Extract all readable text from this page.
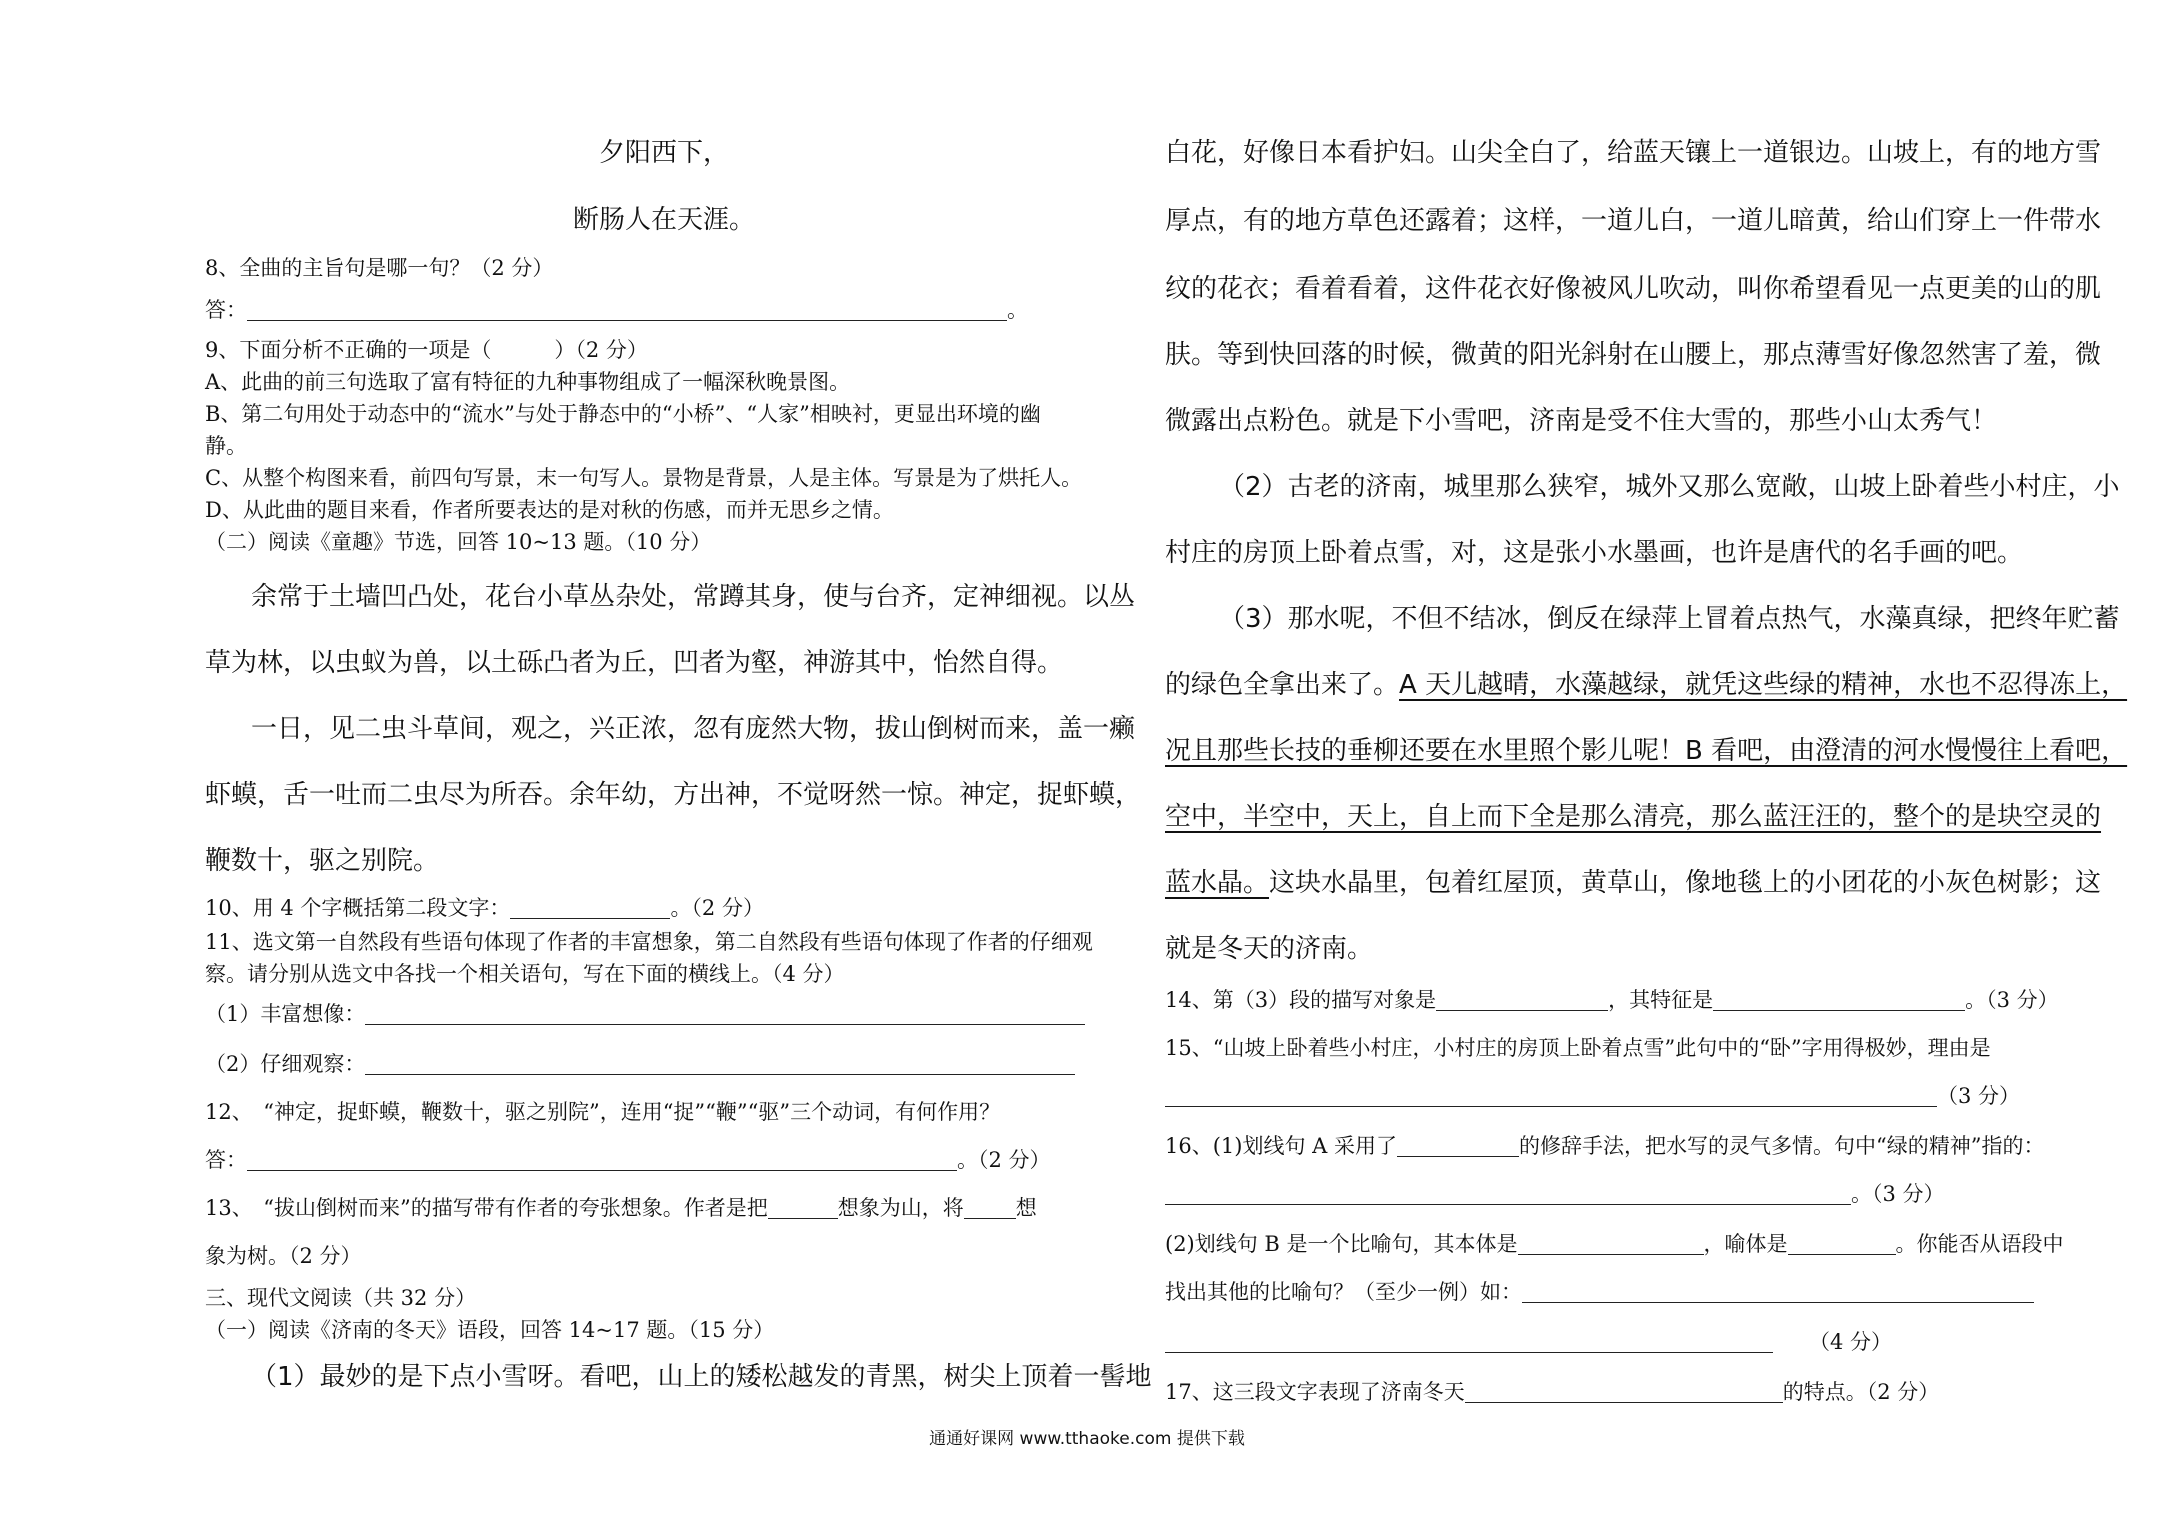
夕阳西下，
断肠人在天涯。
8、全曲的主旨句是哪一句？（2 分）
答：	。
9、下面分析不正确的一项是（　　　）（2 分）
A、此曲的前三句选取了富有特征的九种事物组成了一幅深秋晚景图。
B、第二句用处于动态中的“流水”与处于静态中的“小桥”、“人家”相映衬，更显出环境的幽
静。
C、从整个构图来看，前四句写景，末一句写人。景物是背景，人是主体。写景是为了烘托人。
D、从此曲的题目来看，作者所要表达的是对秋的伤感，而并无思乡之情。
（二）阅读《童趣》节选，回答 10~13 题。（10 分）
余常于土墙凹凸处，花台小草丛杂处，常蹲其身，使与台齐，定神细视。以丛
草为林，以虫蚁为兽，以土砾凸者为丘，凹者为壑，神游其中，怡然自得。
一日，见二虫斗草间，观之，兴正浓，忽有庞然大物，拔山倒树而来，盖一癞
虾蟆，舌一吐而二虫尽为所吞。余年幼，方出神，不觉呀然一惊。神定，捉虾蟆，
鞭数十，驱之别院。
10、用 4 个字概括第二段文字：	。（2 分）
11、选文第一自然段有些语句体现了作者的丰富想象，第二自然段有些语句体现了作者的仔细观
察。请分别从选文中各找一个相关语句，写在下面的横线上。（4 分）
（1）丰富想像：
（2）仔细观察：
12、　“神定，捉虾蟆，鞭数十，驱之别院”，连用“捉”“鞭”“驱”三个动词，有何作用？
答：	。（2 分）
13、　“拔山倒树而来”的描写带有作者的夸张想象。作者是把	想象为山，将 想
象为树。（2 分）
三、现代文阅读（共 32 分）
（一）阅读《济南的冬天》语段，回答 14~17 题。（15 分）
（1）最妙的是下点小雪呀。看吧，山上的矮松越发的青黑，树尖上顶着一髻地
白花，好像日本看护妇。山尖全白了，给蓝天镶上一道银边。山坡上，有的地方雪
厚点，有的地方草色还露着；这样，一道儿白，一道儿暗黄，给山们穿上一件带水
纹的花衣；看着看着，这件花衣好像被风儿吹动，叫你希望看见一点更美的山的肌
肤。等到快回落的时候，微黄的阳光斜射在山腰上，那点薄雪好像忽然害了羞，微
微露出点粉色。就是下小雪吧，济南是受不住大雪的，那些小山太秀气！
（2）古老的济南，城里那么狭窄，城外又那么宽敞，山坡上卧着些小村庄，小
村庄的房顶上卧着点雪，对，这是张小水墨画，也许是唐代的名手画的吧。
（3）那水呢，不但不结冰，倒反在绿萍上冒着点热气，水藻真绿，把终年贮蓄
的绿色全拿出来了。A 天儿越晴，水藻越绿，就凭这些绿的精神，水也不忍得冻上，
况且那些长技的垂柳还要在水里照个影儿呢！B 看吧，由澄清的河水慢慢往上看吧，
空中，半空中，天上，自上而下全是那么清亮，那么蓝汪汪的，整个的是块空灵的
蓝水晶。这块水晶里，包着红屋顶，黄草山，像地毯上的小团花的小灰色树影；这
就是冬天的济南。
14、第（3）段的描写对象是	，其特征是	。（3 分）
15、“山坡上卧着些小村庄，小村庄的房顶上卧着点雪”此句中的“卧”字用得极妙，理由是
（3 分）
16、(1)划线句 A 采用了	的修辞手法，把水写的灵气多情。句中“绿的精神”指的：
。（3 分）
(2)划线句 B 是一个比喻句，其本体是	，喻体是	。你能否从语段中
找出其他的比喻句？（至少一例）如：
（4 分）
17、这三段文字表现了济南冬天	的特点。（2 分）
通通好课网 www.tthaoke.com 提供下载
